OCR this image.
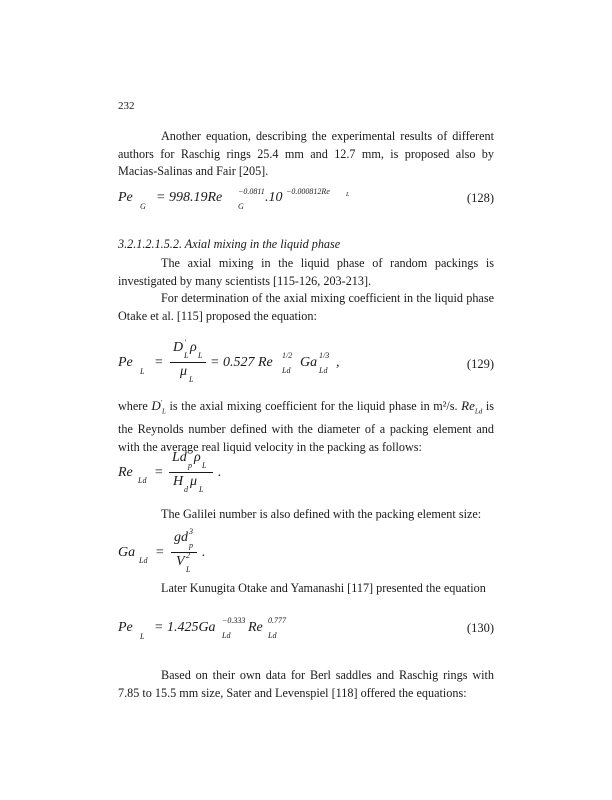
232
Another equation, describing the experimental results of different authors for Raschig rings 25.4 mm and 12.7 mm, is proposed also by Macias-Salinas and Fair [205].
Pe
G
= 998.19Re
G
−0.0811 .10 −0.000812Re	L	(128)
3.2.1.2.1.5.2. Axial mixing in the liquid phase
The axial mixing in the liquid phase of random packings is investigated by many scientists [115-126, 203-213].
For determination of the axial mixing coefficient in the liquid phase Otake et al. [115] proposed the equation:
Pe
L
=
D '
L
ρ
L
μ
L
= 0.527 Re
Ld
1/2 Ga
Ld
1/3 ,	(129)
where $D'_L$ is the axial mixing coefficient for the liquid phase in m²/s. $Re_{Ld}$ is the Reynolds number defined with the diameter of a packing element and with the average real liquid velocity in the packing as follows:
Re
Ld
=
Ld
p
ρ
L
H
d
μ
L
.
The Galilei number is also defined with the packing element size:
Ga
Ld
=
gd 3
p
V 2
L
.
Later Kunugita Otake and Yamanashi [117] presented the equation
Pe
L
= 1.425Ga
Ld
−0.333 Re
Ld
0.777
(130)
Based on their own data for Berl saddles and Raschig rings with 7.85 to 15.5 mm size, Sater and Levenspiel [118] offered the equations:
